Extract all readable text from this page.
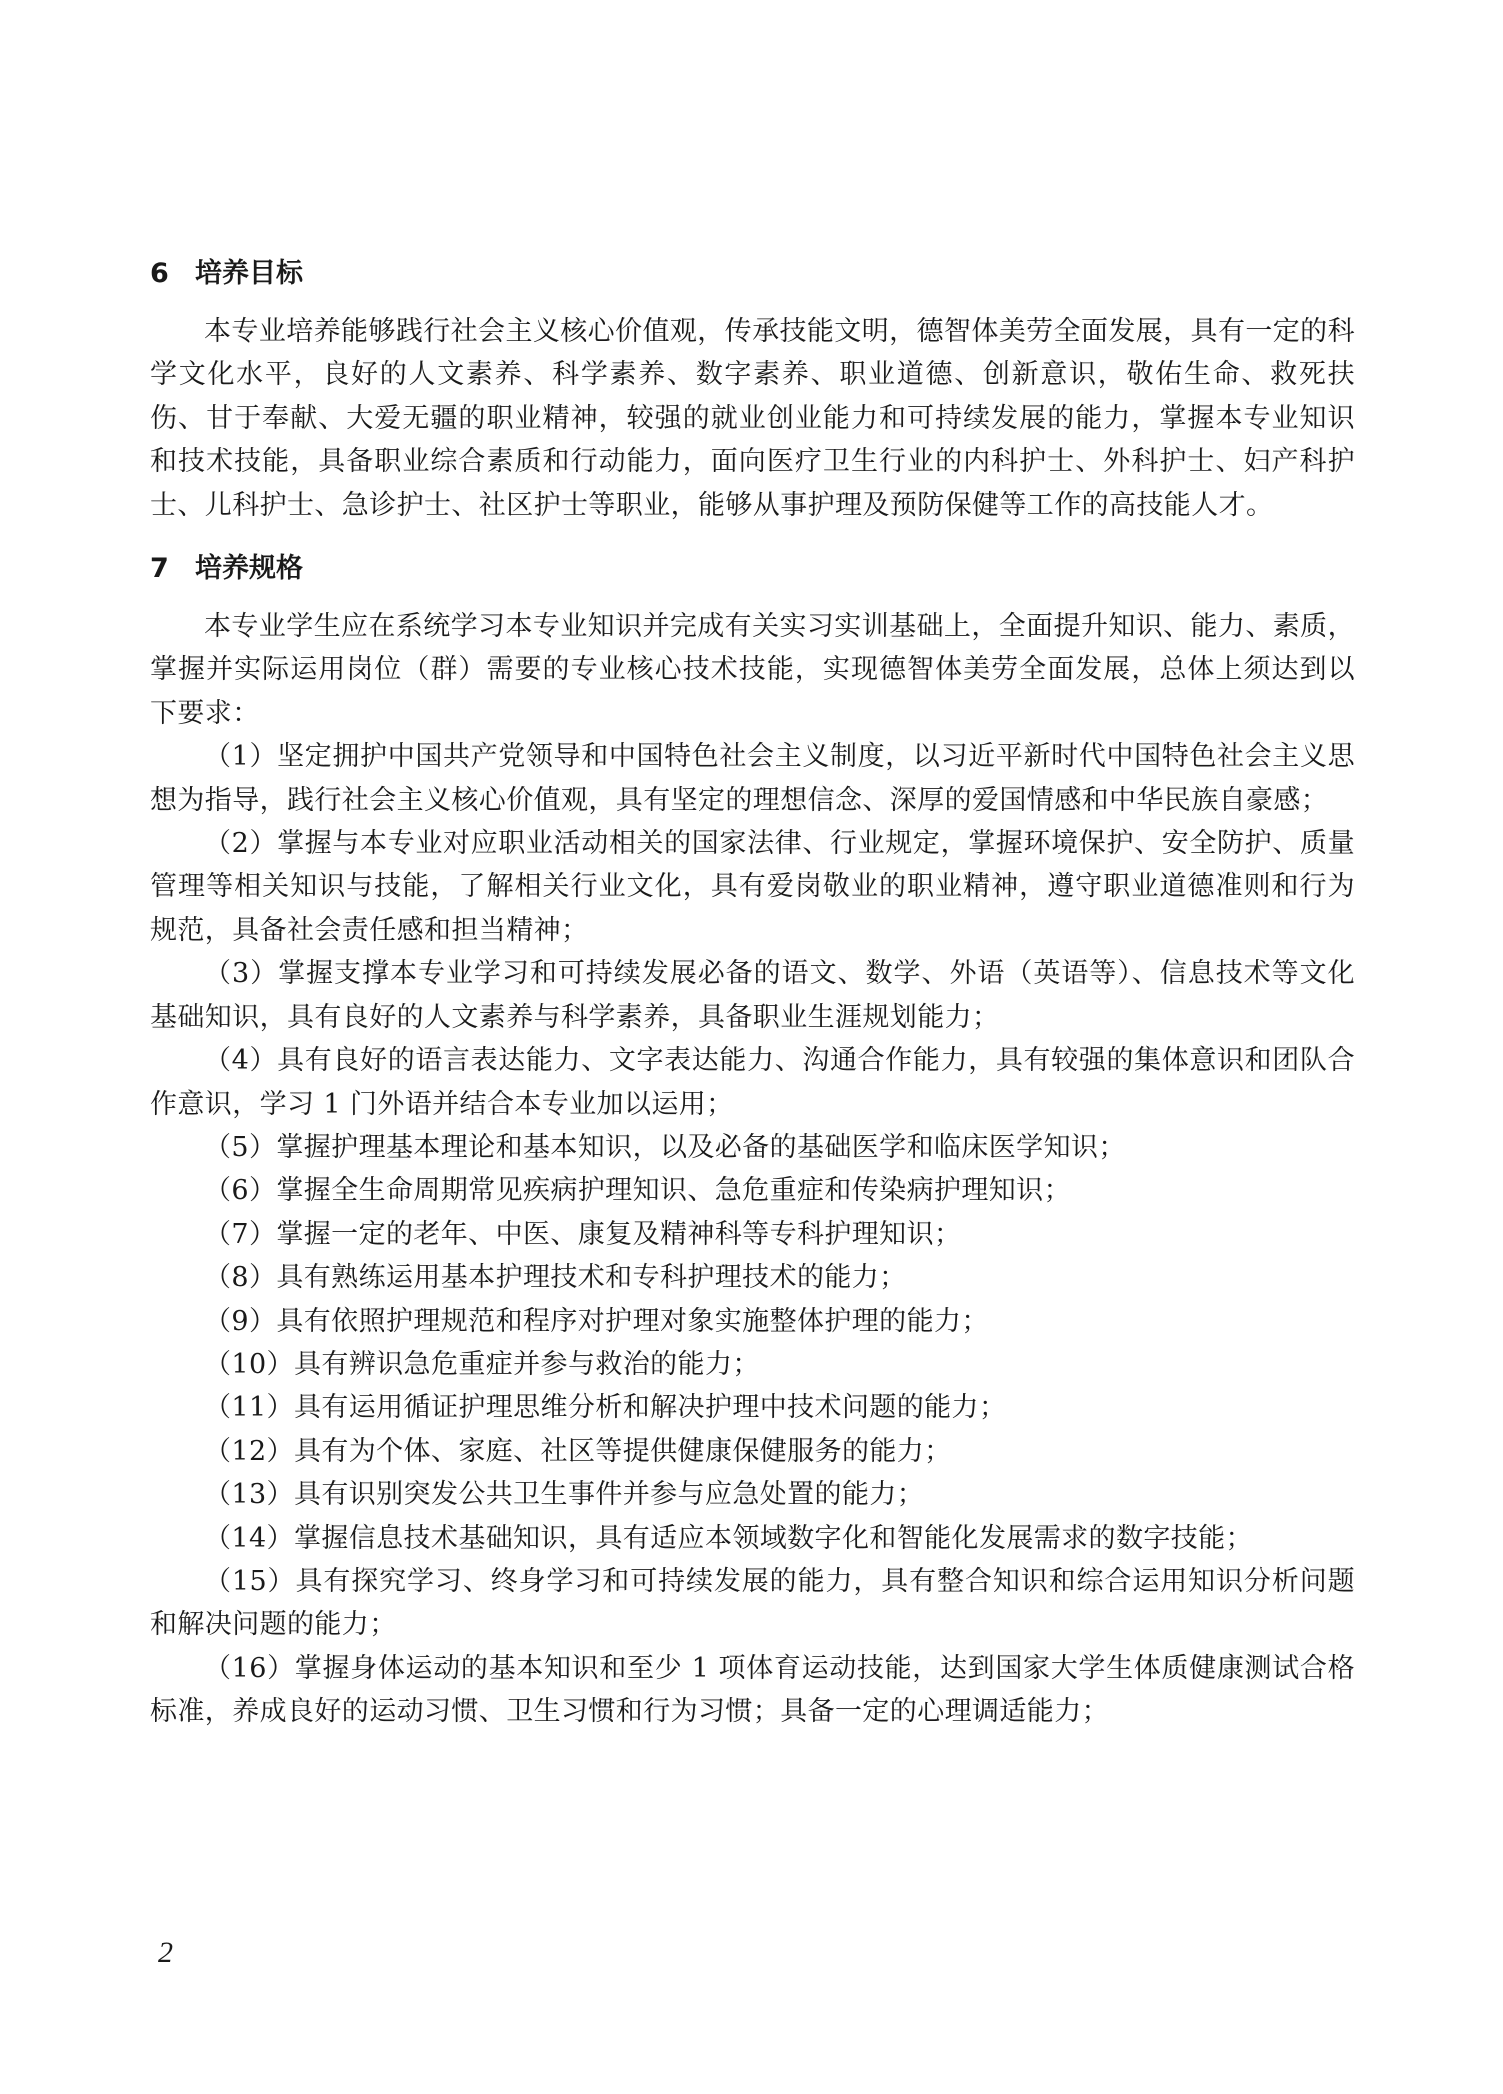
6 培养目标

本专业培养能够践行社会主义核心价值观，传承技能文明，德智体美劳全面发展，具有一定的科学文化水平，良好的人文素养、科学素养、数字素养、职业道德、创新意识，敬佑生命、救死扶伤、甘于奉献、大爱无疆的职业精神，较强的就业创业能力和可持续发展的能力，掌握本专业知识和技术技能，具备职业综合素质和行动能力，面向医疗卫生行业的内科护士、外科护士、妇产科护士、儿科护士、急诊护士、社区护士等职业，能够从事护理及预防保健等工作的高技能人才。

7 培养规格

本专业学生应在系统学习本专业知识并完成有关实习实训基础上，全面提升知识、能力、素质，掌握并实际运用岗位（群）需要的专业核心技术技能，实现德智体美劳全面发展，总体上须达到以下要求：

（1）坚定拥护中国共产党领导和中国特色社会主义制度，以习近平新时代中国特色社会主义思想为指导，践行社会主义核心价值观，具有坚定的理想信念、深厚的爱国情感和中华民族自豪感；

（2）掌握与本专业对应职业活动相关的国家法律、行业规定，掌握环境保护、安全防护、质量管理等相关知识与技能，了解相关行业文化，具有爱岗敬业的职业精神，遵守职业道德准则和行为规范，具备社会责任感和担当精神；

（3）掌握支撑本专业学习和可持续发展必备的语文、数学、外语（英语等）、信息技术等文化基础知识，具有良好的人文素养与科学素养，具备职业生涯规划能力；

（4）具有良好的语言表达能力、文字表达能力、沟通合作能力，具有较强的集体意识和团队合作意识，学习 1 门外语并结合本专业加以运用；

（5）掌握护理基本理论和基本知识，以及必备的基础医学和临床医学知识；

（6）掌握全生命周期常见疾病护理知识、急危重症和传染病护理知识；

（7）掌握一定的老年、中医、康复及精神科等专科护理知识；

（8）具有熟练运用基本护理技术和专科护理技术的能力；

（9）具有依照护理规范和程序对护理对象实施整体护理的能力；

（10）具有辨识急危重症并参与救治的能力；

（11）具有运用循证护理思维分析和解决护理中技术问题的能力；

（12）具有为个体、家庭、社区等提供健康保健服务的能力；

（13）具有识别突发公共卫生事件并参与应急处置的能力；

（14）掌握信息技术基础知识，具有适应本领域数字化和智能化发展需求的数字技能；

（15）具有探究学习、终身学习和可持续发展的能力，具有整合知识和综合运用知识分析问题和解决问题的能力；

（16）掌握身体运动的基本知识和至少 1 项体育运动技能，达到国家大学生体质健康测试合格标准，养成良好的运动习惯、卫生习惯和行为习惯；具备一定的心理调适能力；

2
